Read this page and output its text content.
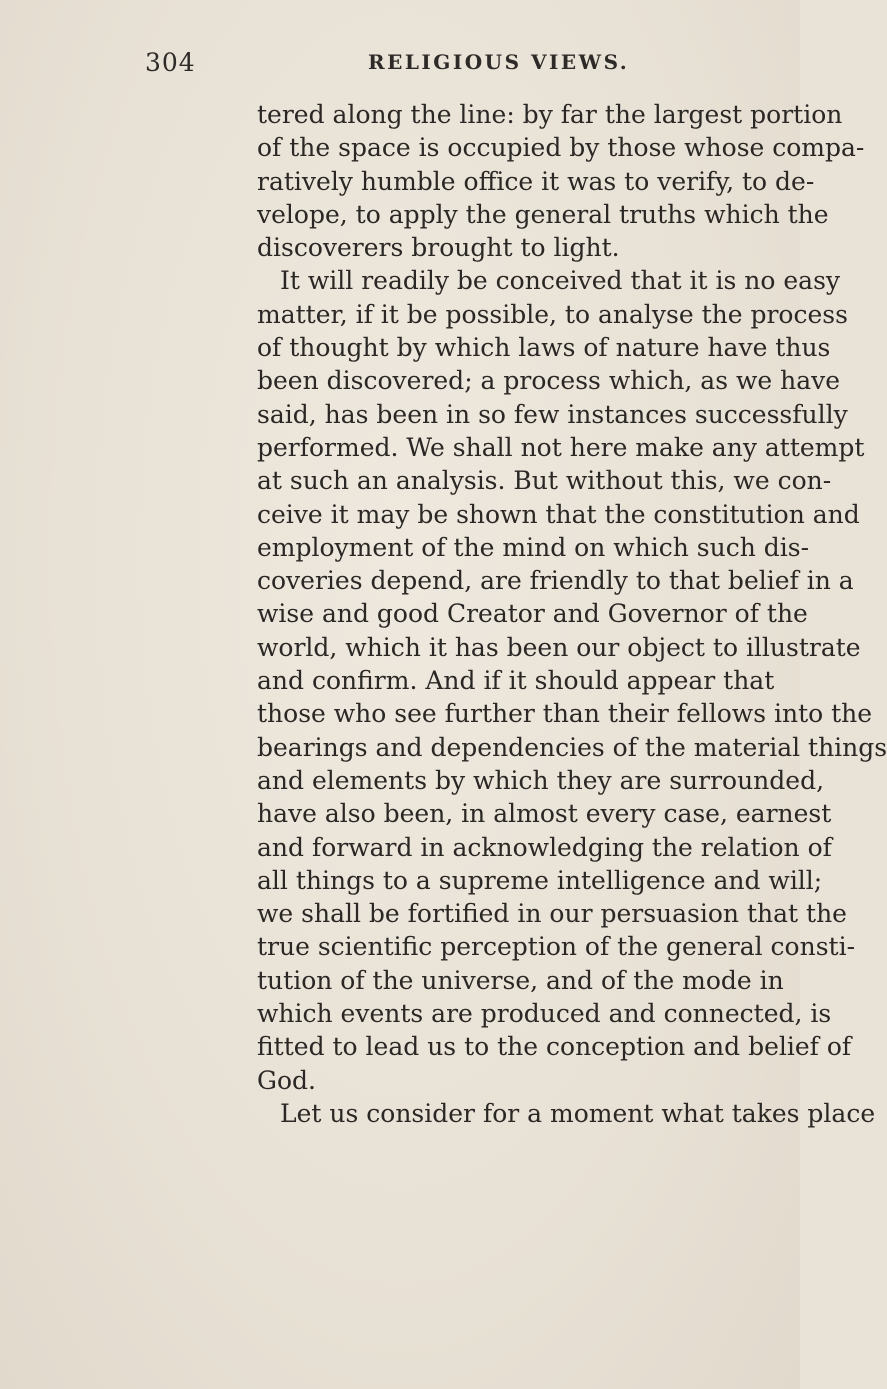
304	RELIGIOUS VIEWS.
tered along the line: by far the largest portion
of the space is occupied by those whose compa-
ratively humble office it was to verify, to de-
velope, to apply the general truths which the
discoverers brought to light.
It will readily be conceived that it is no easy
matter, if it be possible, to analyse the process
of thought by which laws of nature have thus
been discovered; a process which, as we have
said, has been in so few instances successfully
performed. We shall not here make any attempt
at such an analysis. But without this, we con-
ceive it may be shown that the constitution and
employment of the mind on which such dis-
coveries depend, are friendly to that belief in a
wise and good Creator and Governor of the
world, which it has been our object to illustrate
and confirm. And if it should appear that
those who see further than their fellows into the
bearings and dependencies of the material things
and elements by which they are surrounded,
have also been, in almost every case, earnest
and forward in acknowledging the relation of
all things to a supreme intelligence and will;
we shall be fortified in our persuasion that the
true scientific perception of the general consti-
tution of the universe, and of the mode in
which events are produced and connected, is
fitted to lead us to the conception and belief of
God.
Let us consider for a moment what takes place
